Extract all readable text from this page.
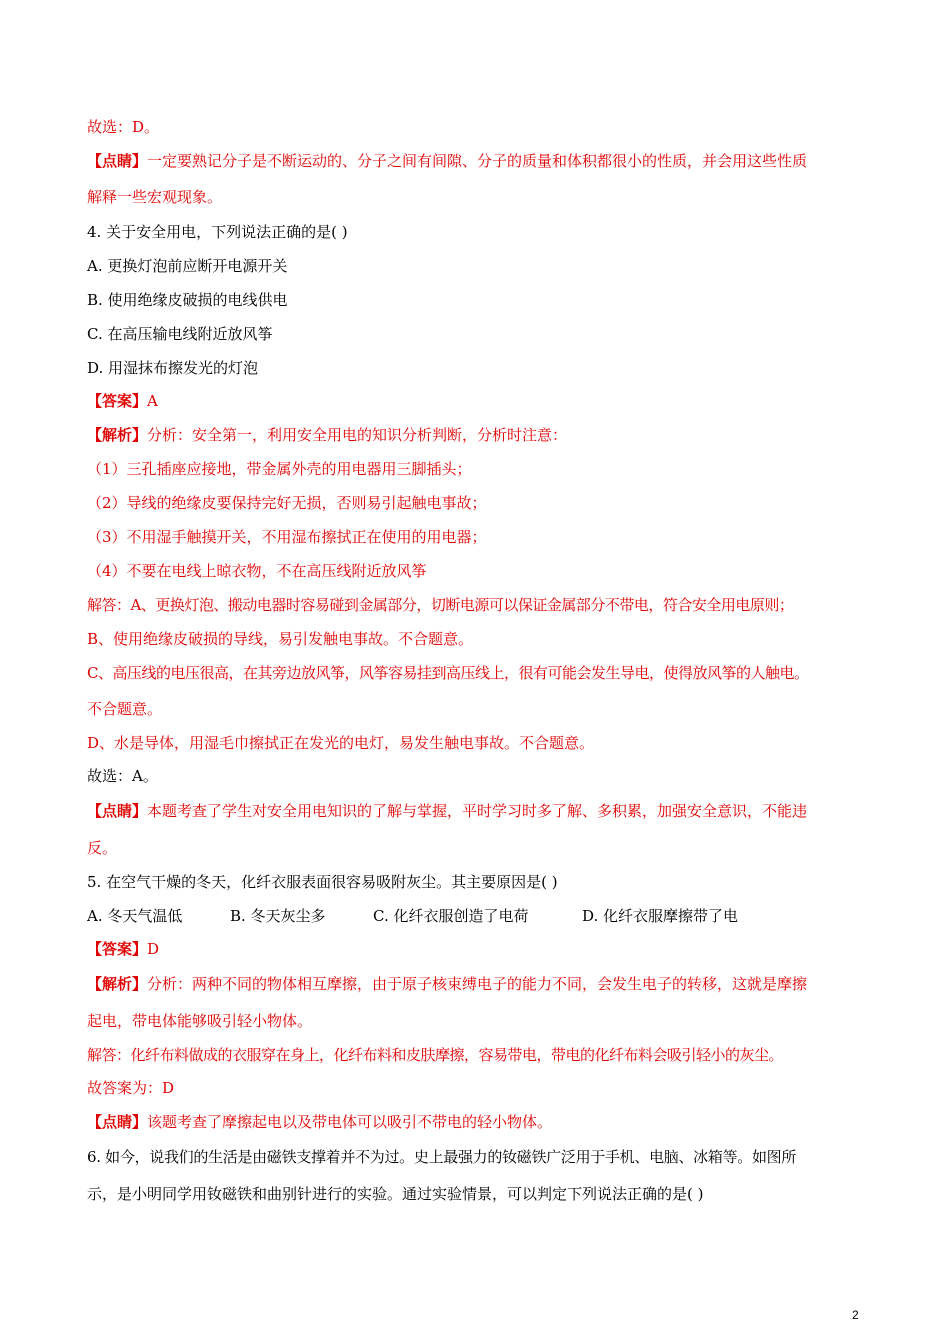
故选：D。
【点睛】一定要熟记分子是不断运动的、分子之间有间隙、分子的质量和体积都很小的性质，并会用这些性质
解释一些宏观现象。
4. 关于安全用电，下列说法正确的是( )
A. 更换灯泡前应断开电源开关
B. 使用绝缘皮破损的电线供电
C. 在高压输电线附近放风筝
D. 用湿抹布擦发光的灯泡
【答案】A
【解析】分析：安全第一，利用安全用电的知识分析判断，分析时注意：
（1）三孔插座应接地，带金属外壳的用电器用三脚插头；
（2）导线的绝缘皮要保持完好无损，否则易引起触电事故；
（3）不用湿手触摸开关，不用湿布擦拭正在使用的用电器；
（4）不要在电线上晾衣物，不在高压线附近放风筝
解答：A、更换灯泡、搬动电器时容易碰到金属部分，切断电源可以保证金属部分不带电，符合安全用电原则；
B、使用绝缘皮破损的导线，易引发触电事故。不合题意。
C、高压线的电压很高，在其旁边放风筝，风筝容易挂到高压线上，很有可能会发生导电，使得放风筝的人触电。
不合题意。
D、水是导体，用湿毛巾擦拭正在发光的电灯，易发生触电事故。不合题意。
故选：A。
【点睛】本题考查了学生对安全用电知识的了解与掌握，平时学习时多了解、多积累，加强安全意识，不能违
反。
5. 在空气干燥的冬天，化纤衣服表面很容易吸附灰尘。其主要原因是( )
A. 冬天气温低	B. 冬天灰尘多	C. 化纤衣服创造了电荷	D. 化纤衣服摩擦带了电
【答案】D
【解析】分析：两种不同的物体相互摩擦，由于原子核束缚电子的能力不同，会发生电子的转移，这就是摩擦
起电，带电体能够吸引轻小物体。
解答：化纤布料做成的衣服穿在身上，化纤布料和皮肤摩擦，容易带电，带电的化纤布料会吸引轻小的灰尘。
故答案为：D
【点睛】该题考查了摩擦起电以及带电体可以吸引不带电的轻小物体。
6. 如今，说我们的生活是由磁铁支撑着并不为过。史上最强力的钕磁铁广泛用于手机、电脑、冰箱等。如图所
示，是小明同学用钕磁铁和曲别针进行的实验。通过实验情景，可以判定下列说法正确的是( )
2
